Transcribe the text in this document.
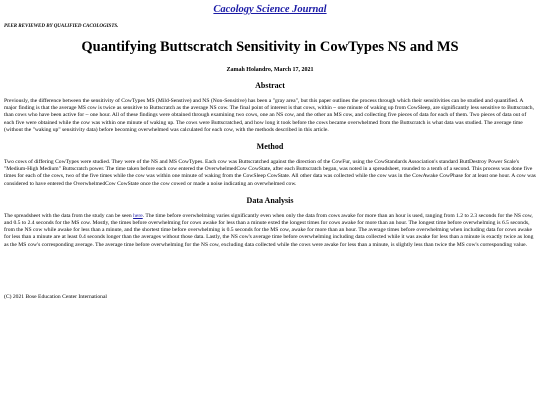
Cacology Science Journal
PEER REVIEWED BY QUALIFIED CACOLOGISTS.
Quantifying Buttscratch Sensitivity in CowTypes NS and MS
Zamah Holandro, March 17, 2021
Abstract

Previously, the difference between the sensitivity of CowTypes MS (Mild-Senstive) and NS (Non-Sensitive) has been a "gray area", but this paper outlines the process through which their sensitivities can be studied and quantified. A major finding is that the average MS cow is twice as sensitive to Buttscratch as the average NS cow. The final point of interest is that cows, within ~ one minute of waking up from CowSleep, are significantly less sensitive to Buttscratch, than cows who have been active for ~ one hour. All of these findings were obtained through examining two cows, one an NS cow, and the other an MS cow, and collecting five pieces of data for each of them. Two pieces of data out of each five were obtained while the cow was within one minute of waking up. The cows were Buttscratched, and how long it took before the cows became overwhelmed from the Buttscratch is what data was studied. The average time (without the "waking up" sensitivity data) before becoming overwhelmed was calculated for each cow, with the methods described in this article.

Method

Two cows of differing CowTypes were studied. They were of the NS and MS CowTypes. Each cow was Buttscratched against the direction of the CowFur, using the CowStandards Association's standard ButtDestroy Power Scale's "Medium-High Medium" Buttscratch power. The time taken before each cow entered the OverwhelmedCow CowState, after each Buttscratch began, was noted in a spreadsheet, rounded to a tenth of a second. This process was done five times for each of the cows, two of the five times while the cow was within one minute of waking from the CowSleep CowState. All other data was collected while the cow was in the CowAwake CowPhase for at least one hour. A cow was considered to have entered the OverwhelmedCow CowState once the cow cowed or made a noise indicating an overwhelmed cow.

Data Analysis

The spreadsheet with the data from the study can be seen here. The time before overwhelming varies significantly even when only the data from cows awake for more than an hour is used, ranging from 1.2 to 2.3 seconds for the NS cow, and 0.5 to 2.4 seconds for the MS cow. Mostly, the times before overwhelming for cows awake for less than a minute exted the longest times for cows awake for more than an hour. The longest time before overwhelming is 6.5 seconds, from the NS cow while awake for less than a minute, and the shortest time before overwhelming is 0.5 seconds for the MS cow, awake for more than an hour. The average times before overwhelming when including data for cows awake for less than a minute are at least 0.4 seconds longer than the averages without those data. Lastly, the NS cow's average time before overwhelming including data collected while it was awake for less than a minute is exactly twice as long as the MS cow's corresponding average. The average time before overwhelming for the NS cow, excluding data collected while the cows were awake for less than a minute, is slightly less than twice the MS cow's corresponding value.

(C) 2021 Bose Education Center International
